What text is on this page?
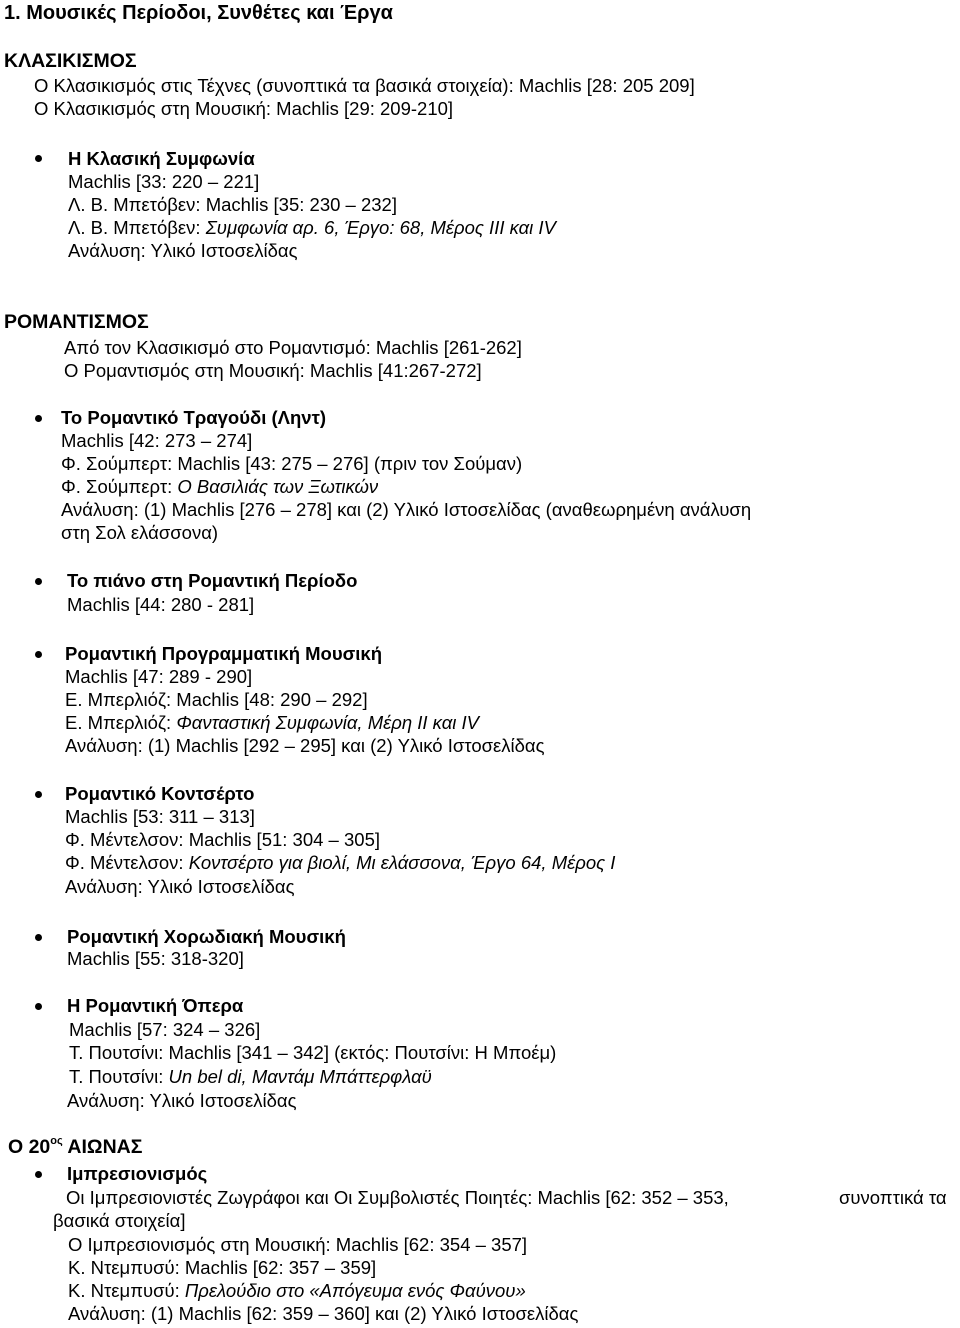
1. Μουσικές Περίοδοι, Συνθέτες και Έργα
ΚΛΑΣΙΚΙΣΜΟΣ
Ο Κλασικισμός στις Τέχνες (συνοπτικά τα βασικά στοιχεία): Machlis [28: 205 209]
Ο Κλασικισμός στη Μουσική: Machlis [29: 209-210]
Η Κλασική Συμφωνία
Machlis [33: 220 – 221]
Λ. Β. Μπετόβεν: Machlis [35: 230 – 232]
Λ. Β. Μπετόβεν: Συμφωνία αρ. 6, Έργο: 68, Μέρος ΙΙΙ και IV
Ανάλυση: Υλικό Ιστοσελίδας
ΡΟΜΑΝΤΙΣΜΟΣ
Από τον Κλασικισμό στο Ρομαντισμό: Machlis [261-262]
Ο Ρομαντισμός στη Μουσική: Machlis [41:267-272]
Το Ρομαντικό Τραγούδι (Ληντ)
Machlis [42: 273 – 274]
Φ. Σούμπερτ: Machlis [43: 275 – 276] (πριν τον Σούμαν)
Φ. Σούμπερτ: Ο Βασιλιάς των Ξωτικών
Ανάλυση: (1) Machlis [276 – 278] και (2) Υλικό Ιστοσελίδας (αναθεωρημένη ανάλυση
στη Σολ ελάσσονα)
Το πιάνο στη Ρομαντική Περίοδο
Machlis [44: 280 - 281]
Ρομαντική Προγραμματική Μουσική
Machlis [47: 289 - 290]
Ε. Μπερλιόζ: Machlis [48: 290 – 292]
Ε. Μπερλιόζ: Φανταστική Συμφωνία, Μέρη ΙΙ και IV
Ανάλυση: (1) Machlis [292 – 295] και (2) Υλικό Ιστοσελίδας
Ρομαντικό Κοντσέρτο
Machlis [53: 311 – 313]
Φ. Μέντελσον: Machlis [51: 304 – 305]
Φ. Μέντελσον: Κοντσέρτο για βιολί, Μι ελάσσονα, Έργο 64, Μέρος Ι
Ανάλυση: Υλικό Ιστοσελίδας
Ρομαντική Χορωδιακή Μουσική
Machlis [55: 318-320]
Η Ρομαντική Όπερα
Machlis [57: 324 – 326]
Τ. Πουτσίνι: Machlis [341 – 342] (εκτός: Πουτσίνι: Η Μποέμ)
Τ. Πουτσίνι: Un bel di, Μαντάμ Μπάττερφλαϋ
Ανάλυση: Υλικό Ιστοσελίδας
Ο $20^{o\varsigma}$ ΑΙΩΝΑΣ
Ιμπρεσιονισμός
Οι Ιμπρεσιονιστές Ζωγράφοι και Οι Συμβολιστές Ποιητές: Machlis [62: 352 – 353,	συνοπτικά τα
βασικά στοιχεία]
Ο Ιμπρεσιονισμός στη Μουσική: Machlis [62: 354 – 357]
Κ. Ντεμπυσύ: Machlis [62: 357 – 359]
Κ. Ντεμπυσύ: Πρελούδιο στο «Απόγευμα ενός Φαύνου»
Ανάλυση: (1) Machlis [62: 359 – 360] και (2) Υλικό Ιστοσελίδας
